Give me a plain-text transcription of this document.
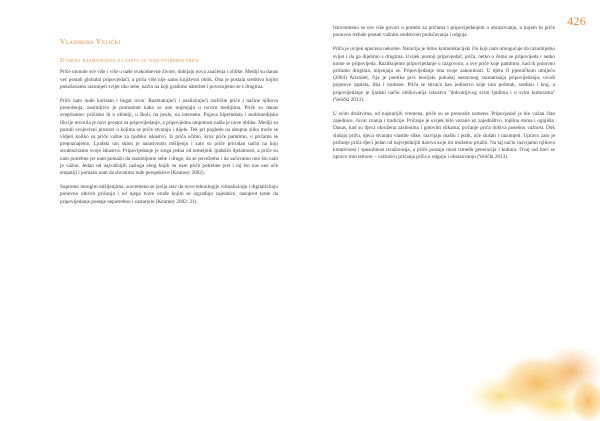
426
Vladimira Velički
Uvodna razmatranja ili zašto su nam potrebne priče

Priče utonule sve više i više u naše svakodnevne živote, dobijaju nova značenja i oblike. Mediji su danas već postali globalni pripovjedači, a priča više nije samo književni oblik. Ona je postala sredstvo kojim pokušavamo razumjeti svijet oko sebe, način na koji gradimo identitet i povezujemo se s drugima.

Priče nam nude koristan i bogat izvor. Razmatrajući i analizirajući različite priče i načine njihova prenošenja, zanimljivo je promatrati kako se one mijenjaju u novim medijima. Priče su danas sveprisutne: pričamo ih u obitelji, u školi, na poslu, na internetu. Pojava hiperteksta i multimedijske fikcije otvorila je novi prostor za pripovijedanje, a pripovjedna umjetnost našla je nove oblike. Mediji su postali svojevrsni prostori u kojima se priče stvaraju i dijele. Tek pri pogledu na ukupnu sliku može se vidjeti koliko su priče važne za ljudsko iskustvo. Iz priča učimo, kroz priče pamtimo, u pričama se prepoznajemo. Ljudski um sklon je narativnom mišljenju i zato su priče prirodan način na koji strukturiramo svoje iskustvo. Pripovijedanje je stoga jedna od temeljnih ljudskih djelatnosti, a priče su nam potrebne jer nam pomažu da razumijemo sebe i druge, da se povežemo i da sačuvamo ono što nam je važno. Jedan od najvažnijih razloga zbog kojih su nam priče potrebne jest i taj što nas one uče empatiji i pomažu nam da shvatimo tuđe perspektive (Kearney 2002).

Suprotno mnogim mišljenjima, suvremeno se javlja stav da nove tehnologije virtualiziraju i digitaliziraju ponovno otkriće pričanja i od njega tvore oruđe kojim se izgrađuju zajednice, nasuprot tome da pripovijedanje postaje nepotrebno i zastarjelo (Kearney 2002: 21).

Istovremeno se sve više govori o potrebi za pričama i pripovijedanjem u obrazovanju, u kojem bi priče ponovno trebale postati važnim sredstvom podučavanja i odgoja.

Priča je uvijek upućena nekome. Naracija je bitno komunikacijski čin koji nam omogućuje da razumijemo svijet i da ga dijelimo s drugima. Uvijek postoji pripovjedač, priča, netko o čemu se pripovijeda i netko kome se pripovijeda. Razlikujemo pripovijedanje u razgovoru, a sve priče koje pamtimo, kad ih ponovno pričamo drugima, mijenjaju se. Pripovijedanje ima svoje zakonitosti. U djelu O pjesničkom umijeću (2004) Aristotel, čija je poetika prvi teorijski pokušaj sustavnog razmatranja pripovijedanja, uvodi pojmove zapleta, lika i mimeze. Priča se shvaća kao jedinstvo koje ima početak, sredinu i kraj, a pripovijedanje je ljudski način oblikovanja iskustva "dohvatljivog svim ljudima i u svim kulturama" (Velički 2013).

U svim društvima, od najstarijih vremena, priče su se prenosile usmeno. Pripovjedač je bio važan član zajednice, čuvar znanja i tradicije. Pričanje je uvijek bilo vezano uz zajedništvo, toplinu doma i ognjišta. Danas, kad su djeca okružena zaslonima i gotovim slikama, pričanje priča dobiva posebnu važnost. Dok slušaju priču, djeca stvaraju vlastite slike, razvijaju maštu i jezik, uče slušati i razumjeti. Upravo zato je pričanje priča djeci jedan od najvrjednijih darova koje im možemo pružiti. Na taj način razvijamo njihovu kreativnost i sposobnost izražavanja, a priče postaju most između generacija i kultura. Ovaj rad bavi se upravo tom temom – važnošću pričanja priča u odgoju i obrazovanju (Velički 2013).
